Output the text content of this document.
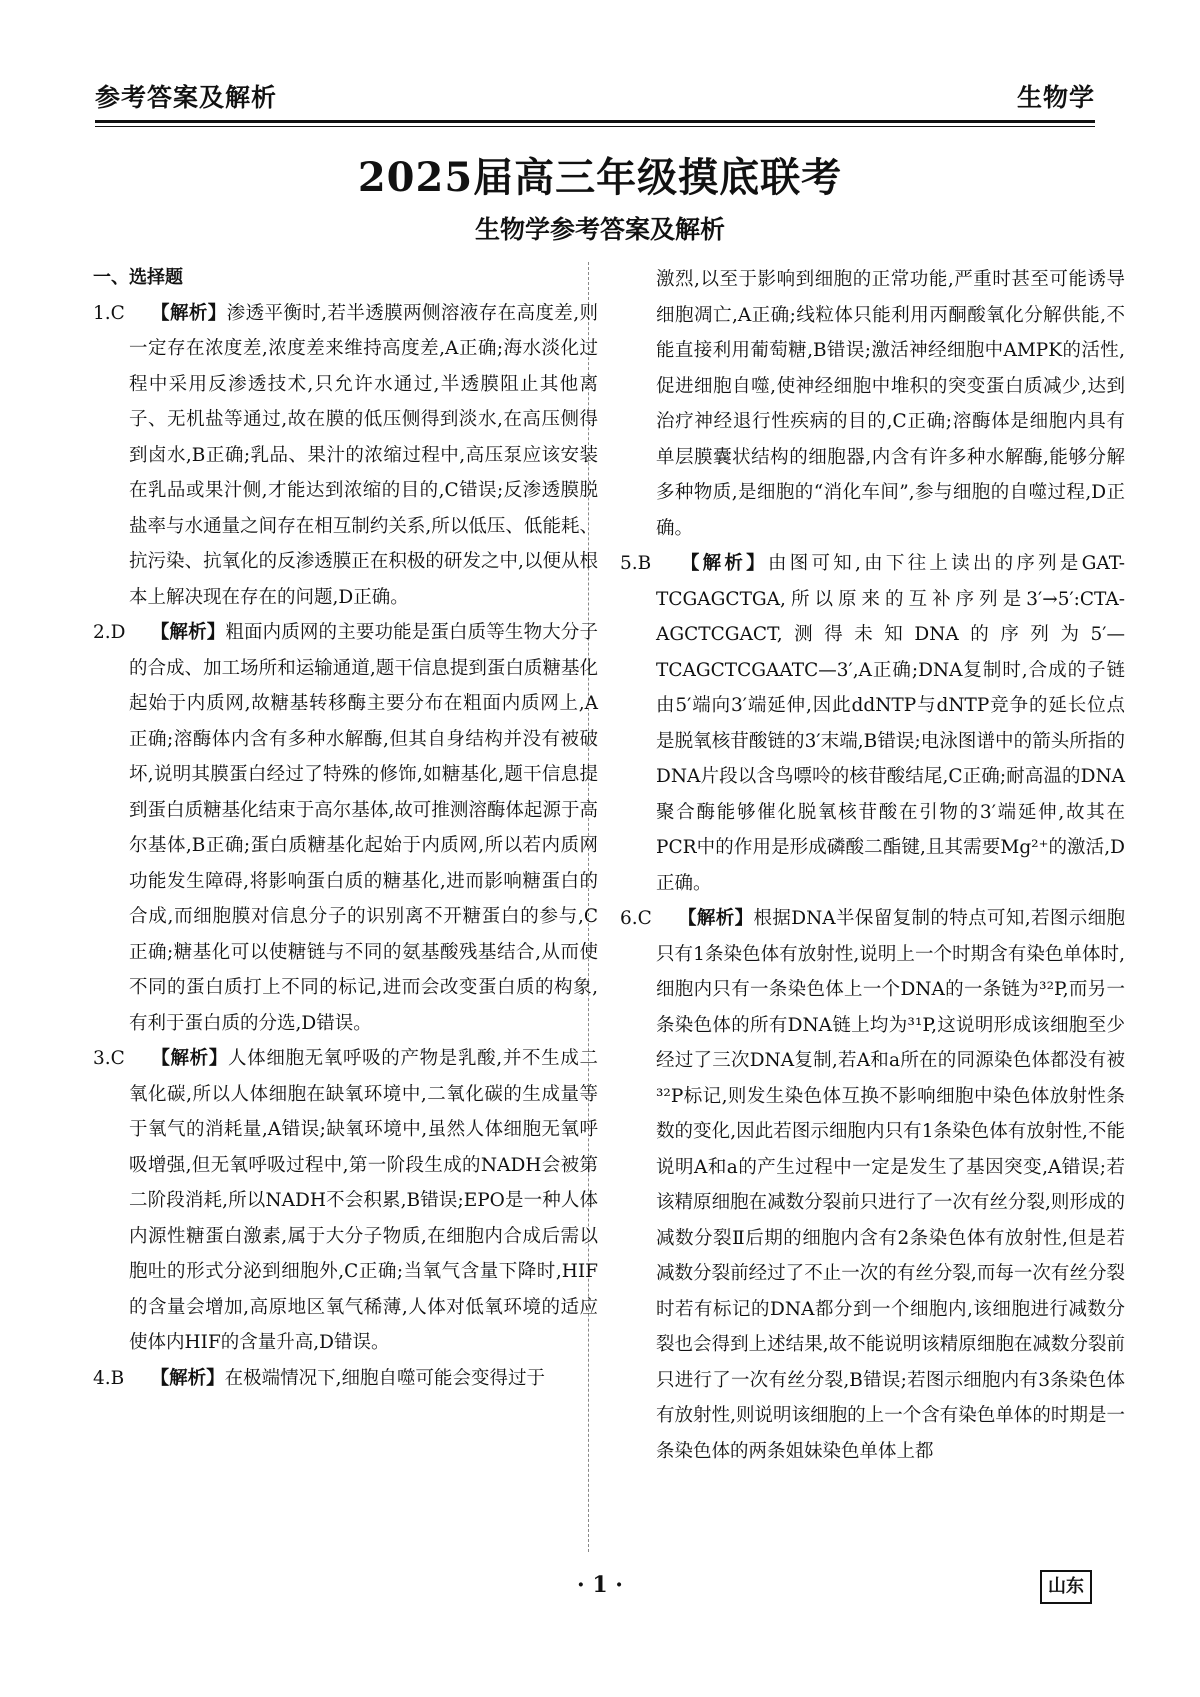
参考答案及解析	生物学
2025届高三年级摸底联考
生物学参考答案及解析
一、选择题

1.C 【解析】渗透平衡时,若半透膜两侧溶液存在高度差,则一定存在浓度差,浓度差来维持高度差,A正确;海水淡化过程中采用反渗透技术,只允许水通过,半透膜阻止其他离子、无机盐等通过,故在膜的低压侧得到淡水,在高压侧得到卤水,B正确;乳品、果汁的浓缩过程中,高压泵应该安装在乳品或果汁侧,才能达到浓缩的目的,C错误;反渗透膜脱盐率与水通量之间存在相互制约关系,所以低压、低能耗、抗污染、抗氧化的反渗透膜正在积极的研发之中,以便从根本上解决现在存在的问题,D正确。

2.D 【解析】粗面内质网的主要功能是蛋白质等生物大分子的合成、加工场所和运输通道,题干信息提到蛋白质糖基化起始于内质网,故糖基转移酶主要分布在粗面内质网上,A正确;溶酶体内含有多种水解酶,但其自身结构并没有被破坏,说明其膜蛋白经过了特殊的修饰,如糖基化,题干信息提到蛋白质糖基化结束于高尔基体,故可推测溶酶体起源于高尔基体,B正确;蛋白质糖基化起始于内质网,所以若内质网功能发生障碍,将影响蛋白质的糖基化,进而影响糖蛋白的合成,而细胞膜对信息分子的识别离不开糖蛋白的参与,C正确;糖基化可以使糖链与不同的氨基酸残基结合,从而使不同的蛋白质打上不同的标记,进而会改变蛋白质的构象,有利于蛋白质的分选,D错误。

3.C 【解析】人体细胞无氧呼吸的产物是乳酸,并不生成二氧化碳,所以人体细胞在缺氧环境中,二氧化碳的生成量等于氧气的消耗量,A错误;缺氧环境中,虽然人体细胞无氧呼吸增强,但无氧呼吸过程中,第一阶段生成的NADH会被第二阶段消耗,所以NADH不会积累,B错误;EPO是一种人体内源性糖蛋白激素,属于大分子物质,在细胞内合成后需以胞吐的形式分泌到细胞外,C正确;当氧气含量下降时,HIF的含量会增加,高原地区氧气稀薄,人体对低氧环境的适应使体内HIF的含量升高,D错误。

4.B 【解析】在极端情况下,细胞自噬可能会变得过于

激烈,以至于影响到细胞的正常功能,严重时甚至可能诱导细胞凋亡,A正确;线粒体只能利用丙酮酸氧化分解供能,不能直接利用葡萄糖,B错误;激活神经细胞中AMPK的活性,促进细胞自噬,使神经细胞中堆积的突变蛋白质减少,达到治疗神经退行性疾病的目的,C正确;溶酶体是细胞内具有单层膜囊状结构的细胞器,内含有许多种水解酶,能够分解多种物质,是细胞的“消化车间”,参与细胞的自噬过程,D正确。

5.B 【解析】由图可知,由下往上读出的序列是GAT-TCGAGCTGA,所以原来的互补序列是3′→5′:CTA-AGCTCGACT,测得未知DNA的序列为5′—TCAGCTCGAATC—3′,A正确;DNA复制时,合成的子链由5′端向3′端延伸,因此ddNTP与dNTP竞争的延长位点是脱氧核苷酸链的3′末端,B错误;电泳图谱中的箭头所指的DNA片段以含鸟嘌呤的核苷酸结尾,C正确;耐高温的DNA聚合酶能够催化脱氧核苷酸在引物的3′端延伸,故其在PCR中的作用是形成磷酸二酯键,且其需要Mg²⁺的激活,D正确。

6.C 【解析】根据DNA半保留复制的特点可知,若图示细胞只有1条染色体有放射性,说明上一个时期含有染色单体时,细胞内只有一条染色体上一个DNA的一条链为³²P,而另一条染色体的所有DNA链上均为³¹P,这说明形成该细胞至少经过了三次DNA复制,若A和a所在的同源染色体都没有被³²P标记,则发生染色体互换不影响细胞中染色体放射性条数的变化,因此若图示细胞内只有1条染色体有放射性,不能说明A和a的产生过程中一定是发生了基因突变,A错误;若该精原细胞在减数分裂前只进行了一次有丝分裂,则形成的减数分裂Ⅱ后期的细胞内含有2条染色体有放射性,但是若减数分裂前经过了不止一次的有丝分裂,而每一次有丝分裂时若有标记的DNA都分到一个细胞内,该细胞进行减数分裂也会得到上述结果,故不能说明该精原细胞在减数分裂前只进行了一次有丝分裂,B错误;若图示细胞内有3条染色体有放射性,则说明该细胞的上一个含有染色单体的时期是一条染色体的两条姐妹染色单体上都

· 1 ·	山东
